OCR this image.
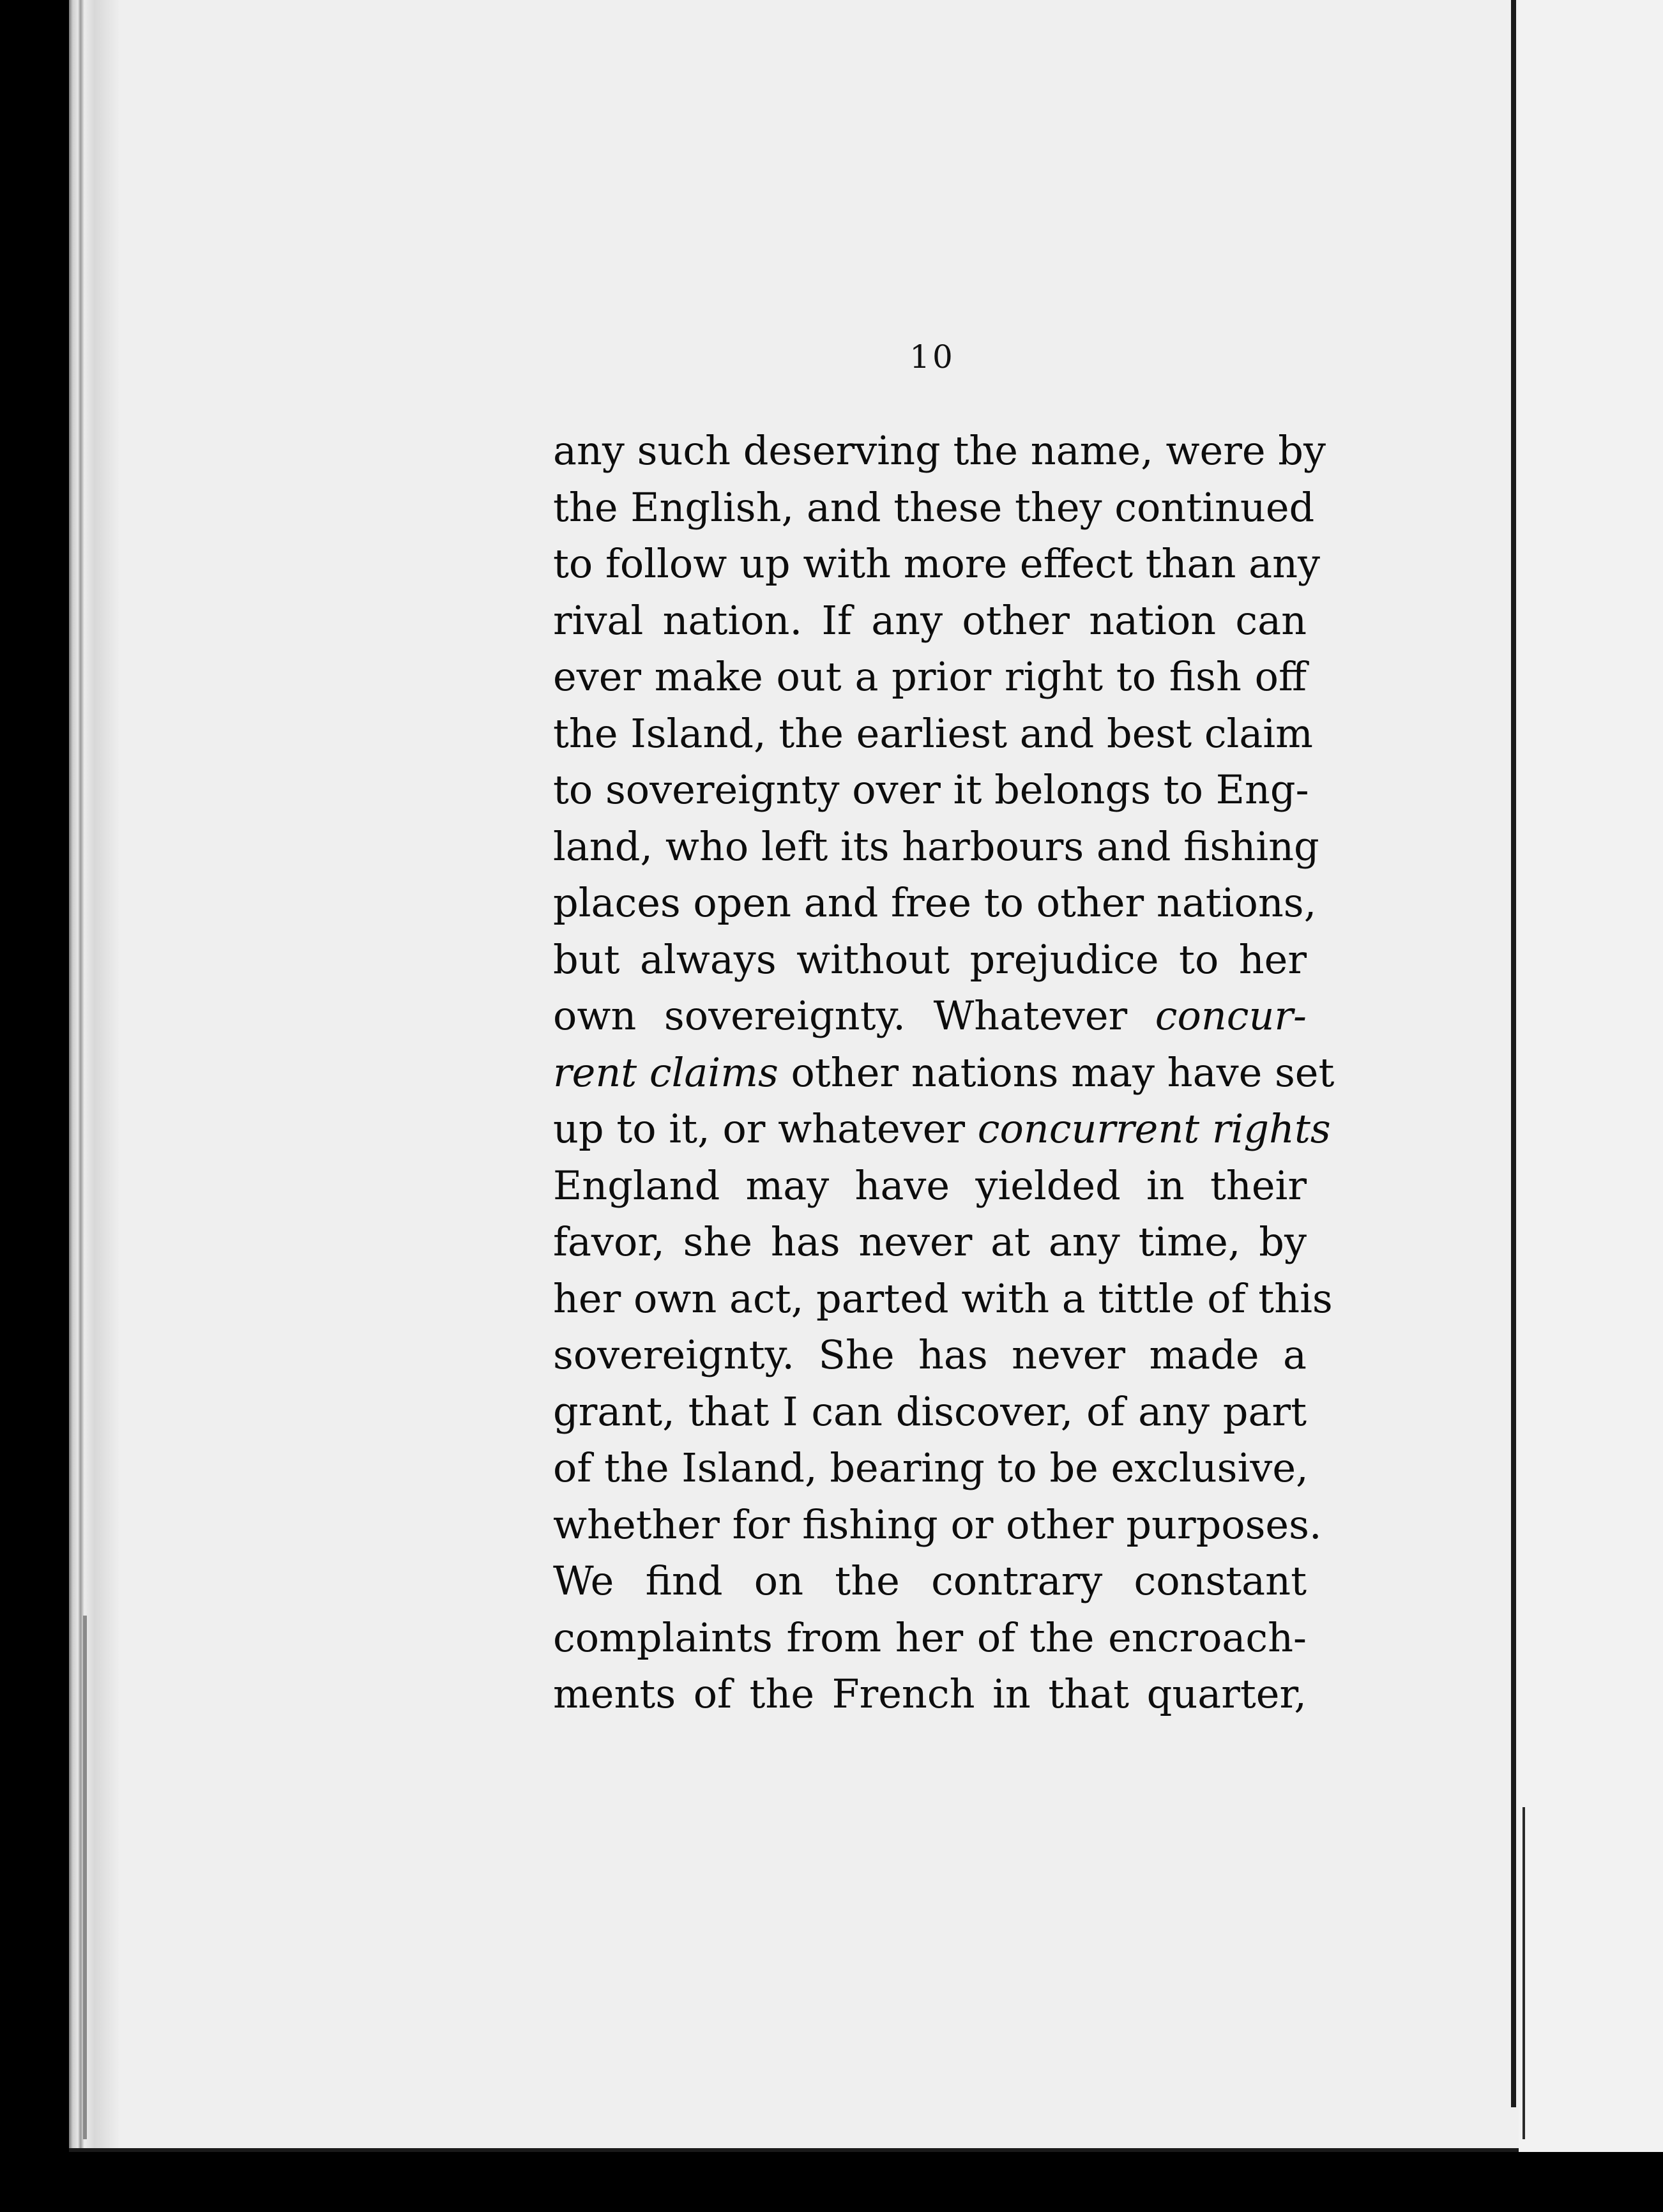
10
any such deserving the name, were by
the English, and these they continued
to follow up with more effect than any
rival nation. If any other nation can
ever make out a prior right to fish off
the Island, the earliest and best claim
to sovereignty over it belongs to Eng-
land, who left its harbours and fishing
places open and free to other nations,
but always without prejudice to her
own sovereignty. Whatever concur-
rent claims other nations may have set
up to it, or whatever concurrent rights
England may have yielded in their
favor, she has never at any time, by
her own act, parted with a tittle of this
sovereignty. She has never made a
grant, that I can discover, of any part
of the Island, bearing to be exclusive,
whether for fishing or other purposes.
We find on the contrary constant
complaints from her of the encroach-
ments of the French in that quarter,
